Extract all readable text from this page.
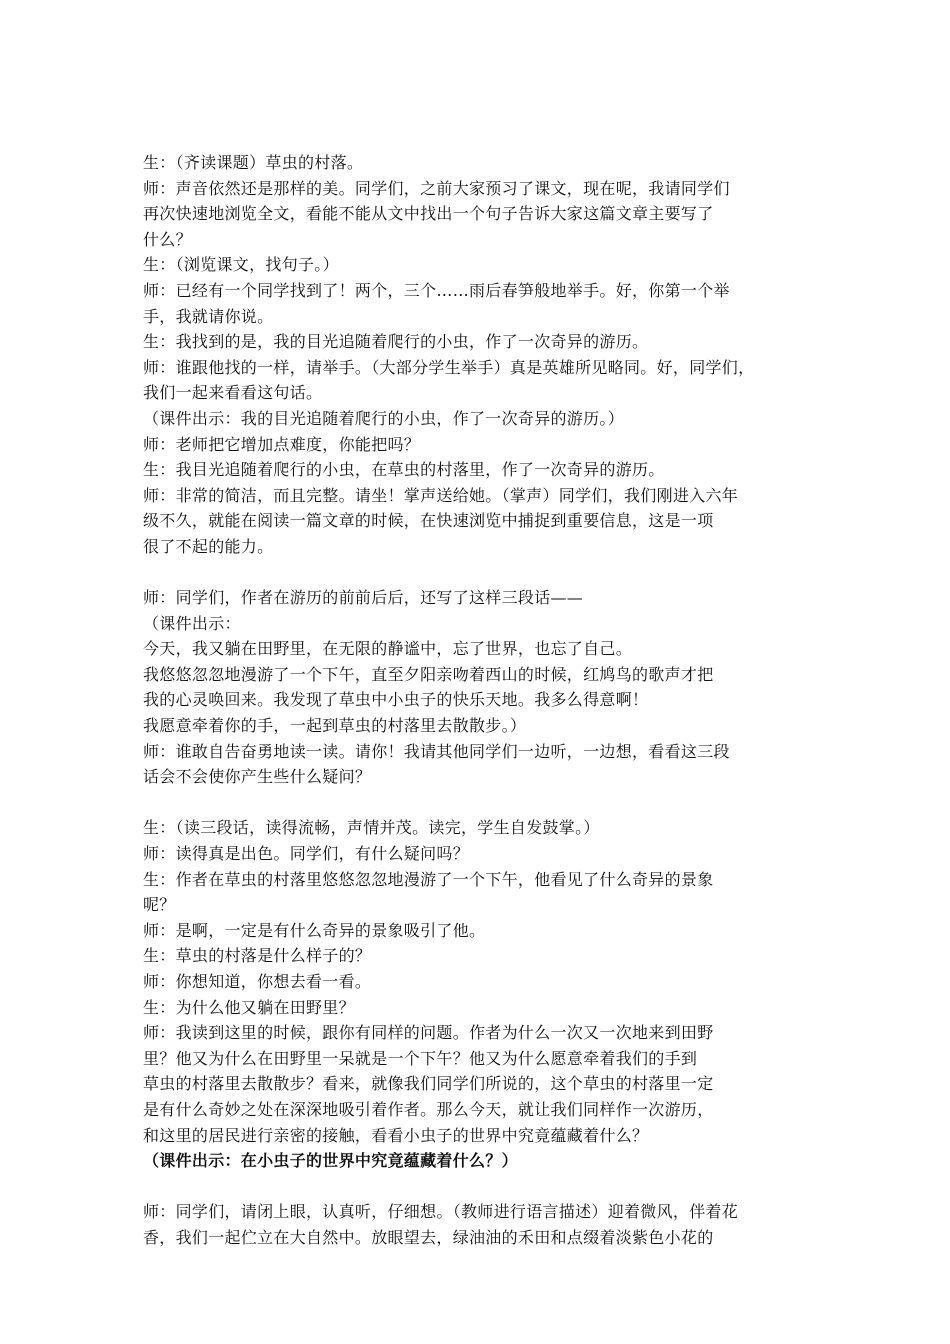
生：（齐读课题）草虫的村落。
师：声音依然还是那样的美。同学们，之前大家预习了课文，现在呢，我请同学们
再次快速地浏览全文，看能不能从文中找出一个句子告诉大家这篇文章主要写了
什么？
生：（浏览课文，找句子。）
师：已经有一个同学找到了！两个，三个……雨后春笋般地举手。好，你第一个举
手，我就请你说。
生：我找到的是，我的目光追随着爬行的小虫，作了一次奇异的游历。
师：谁跟他找的一样，请举手。（大部分学生举手）真是英雄所见略同。好，同学们，
我们一起来看看这句话。
（课件出示：我的目光追随着爬行的小虫，作了一次奇异的游历。）
师：老师把它增加点难度，你能把吗？
生：我目光追随着爬行的小虫，在草虫的村落里，作了一次奇异的游历。
师：非常的简洁，而且完整。请坐！掌声送给她。（掌声）同学们，我们刚进入六年
级不久，就能在阅读一篇文章的时候，在快速浏览中捕捉到重要信息，这是一项
很了不起的能力。
师：同学们，作者在游历的前前后后，还写了这样三段话——
（课件出示：
今天，我又躺在田野里，在无限的静谧中，忘了世界，也忘了自己。
我悠悠忽忽地漫游了一个下午，直至夕阳亲吻着西山的时候，红鸠鸟的歌声才把
我的心灵唤回来。我发现了草虫中小虫子的快乐天地。我多么得意啊！
我愿意牵着你的手，一起到草虫的村落里去散散步。）
师：谁敢自告奋勇地读一读。请你！我请其他同学们一边听，一边想，看看这三段
话会不会使你产生些什么疑问？
生：（读三段话，读得流畅，声情并茂。读完，学生自发鼓掌。）
师：读得真是出色。同学们，有什么疑问吗？
生：作者在草虫的村落里悠悠忽忽地漫游了一个下午，他看见了什么奇异的景象
呢？
师：是啊，一定是有什么奇异的景象吸引了他。
生：草虫的村落是什么样子的？
师：你想知道，你想去看一看。
生：为什么他又躺在田野里？
师：我读到这里的时候，跟你有同样的问题。作者为什么一次又一次地来到田野
里？他又为什么在田野里一呆就是一个下午？他又为什么愿意牵着我们的手到
草虫的村落里去散散步？看来，就像我们同学们所说的，这个草虫的村落里一定
是有什么奇妙之处在深深地吸引着作者。那么今天，就让我们同样作一次游历，
和这里的居民进行亲密的接触，看看小虫子的世界中究竟蕴藏着什么？
（课件出示：在小虫子的世界中究竟蕴藏着什么？）
师：同学们，请闭上眼，认真听，仔细想。（教师进行语言描述）迎着微风，伴着花
香，我们一起伫立在大自然中。放眼望去，绿油油的禾田和点缀着淡紫色小花的
